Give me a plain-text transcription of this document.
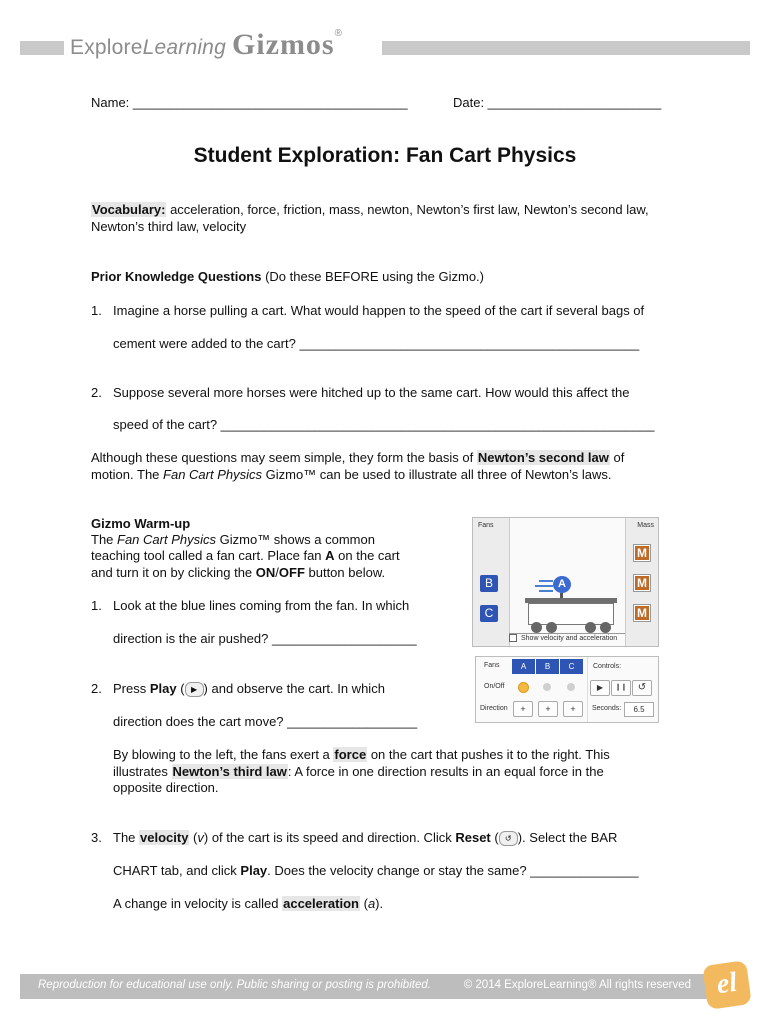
ExploreLearning Gizmos®
Name: ______________________________________	Date: ________________________
Student Exploration: Fan Cart Physics
Vocabulary: acceleration, force, friction, mass, newton, Newton’s first law, Newton’s second law, Newton’s third law, velocity
Prior Knowledge Questions (Do these BEFORE using the Gizmo.)
1. Imagine a horse pulling a cart. What would happen to the speed of the cart if several bags of
cement were added to the cart? _______________________________________________
2. Suppose several more horses were hitched up to the same cart. How would this affect the
speed of the cart? ____________________________________________________________
Although these questions may seem simple, they form the basis of Newton’s second law of
motion. The Fan Cart Physics Gizmo™ can be used to illustrate all three of Newton’s laws.
Gizmo Warm-up
The Fan Cart Physics Gizmo™ shows a common
teaching tool called a fan cart. Place fan A on the cart
and turn it on by clicking the ON/OFF button below.
1. Look at the blue lines coming from the fan. In which
direction is the air pushed? ____________________
2. Press Play ( ▶ ) and observe the cart. In which
direction does the cart move? __________________
By blowing to the left, the fans exert a force on the cart that pushes it to the right. This
illustrates Newton’s third law: A force in one direction results in an equal force in the
opposite direction.
3. The velocity (v) of the cart is its speed and direction. Click Reset ( ↺ ). Select the BAR
CHART tab, and click Play. Does the velocity change or stay the same? _______________
A change in velocity is called acceleration (a).
Fans	Mass
B
C
M
M
M
A
Show velocity and acceleration
Fans	A	B	C
On/Off
Direction	+	+	+
Controls:
▶	❙❙	↺
Seconds:	6.5
Reproduction for educational use only. Public sharing or posting is prohibited.	© 2014 ExploreLearning® All rights reserved el
